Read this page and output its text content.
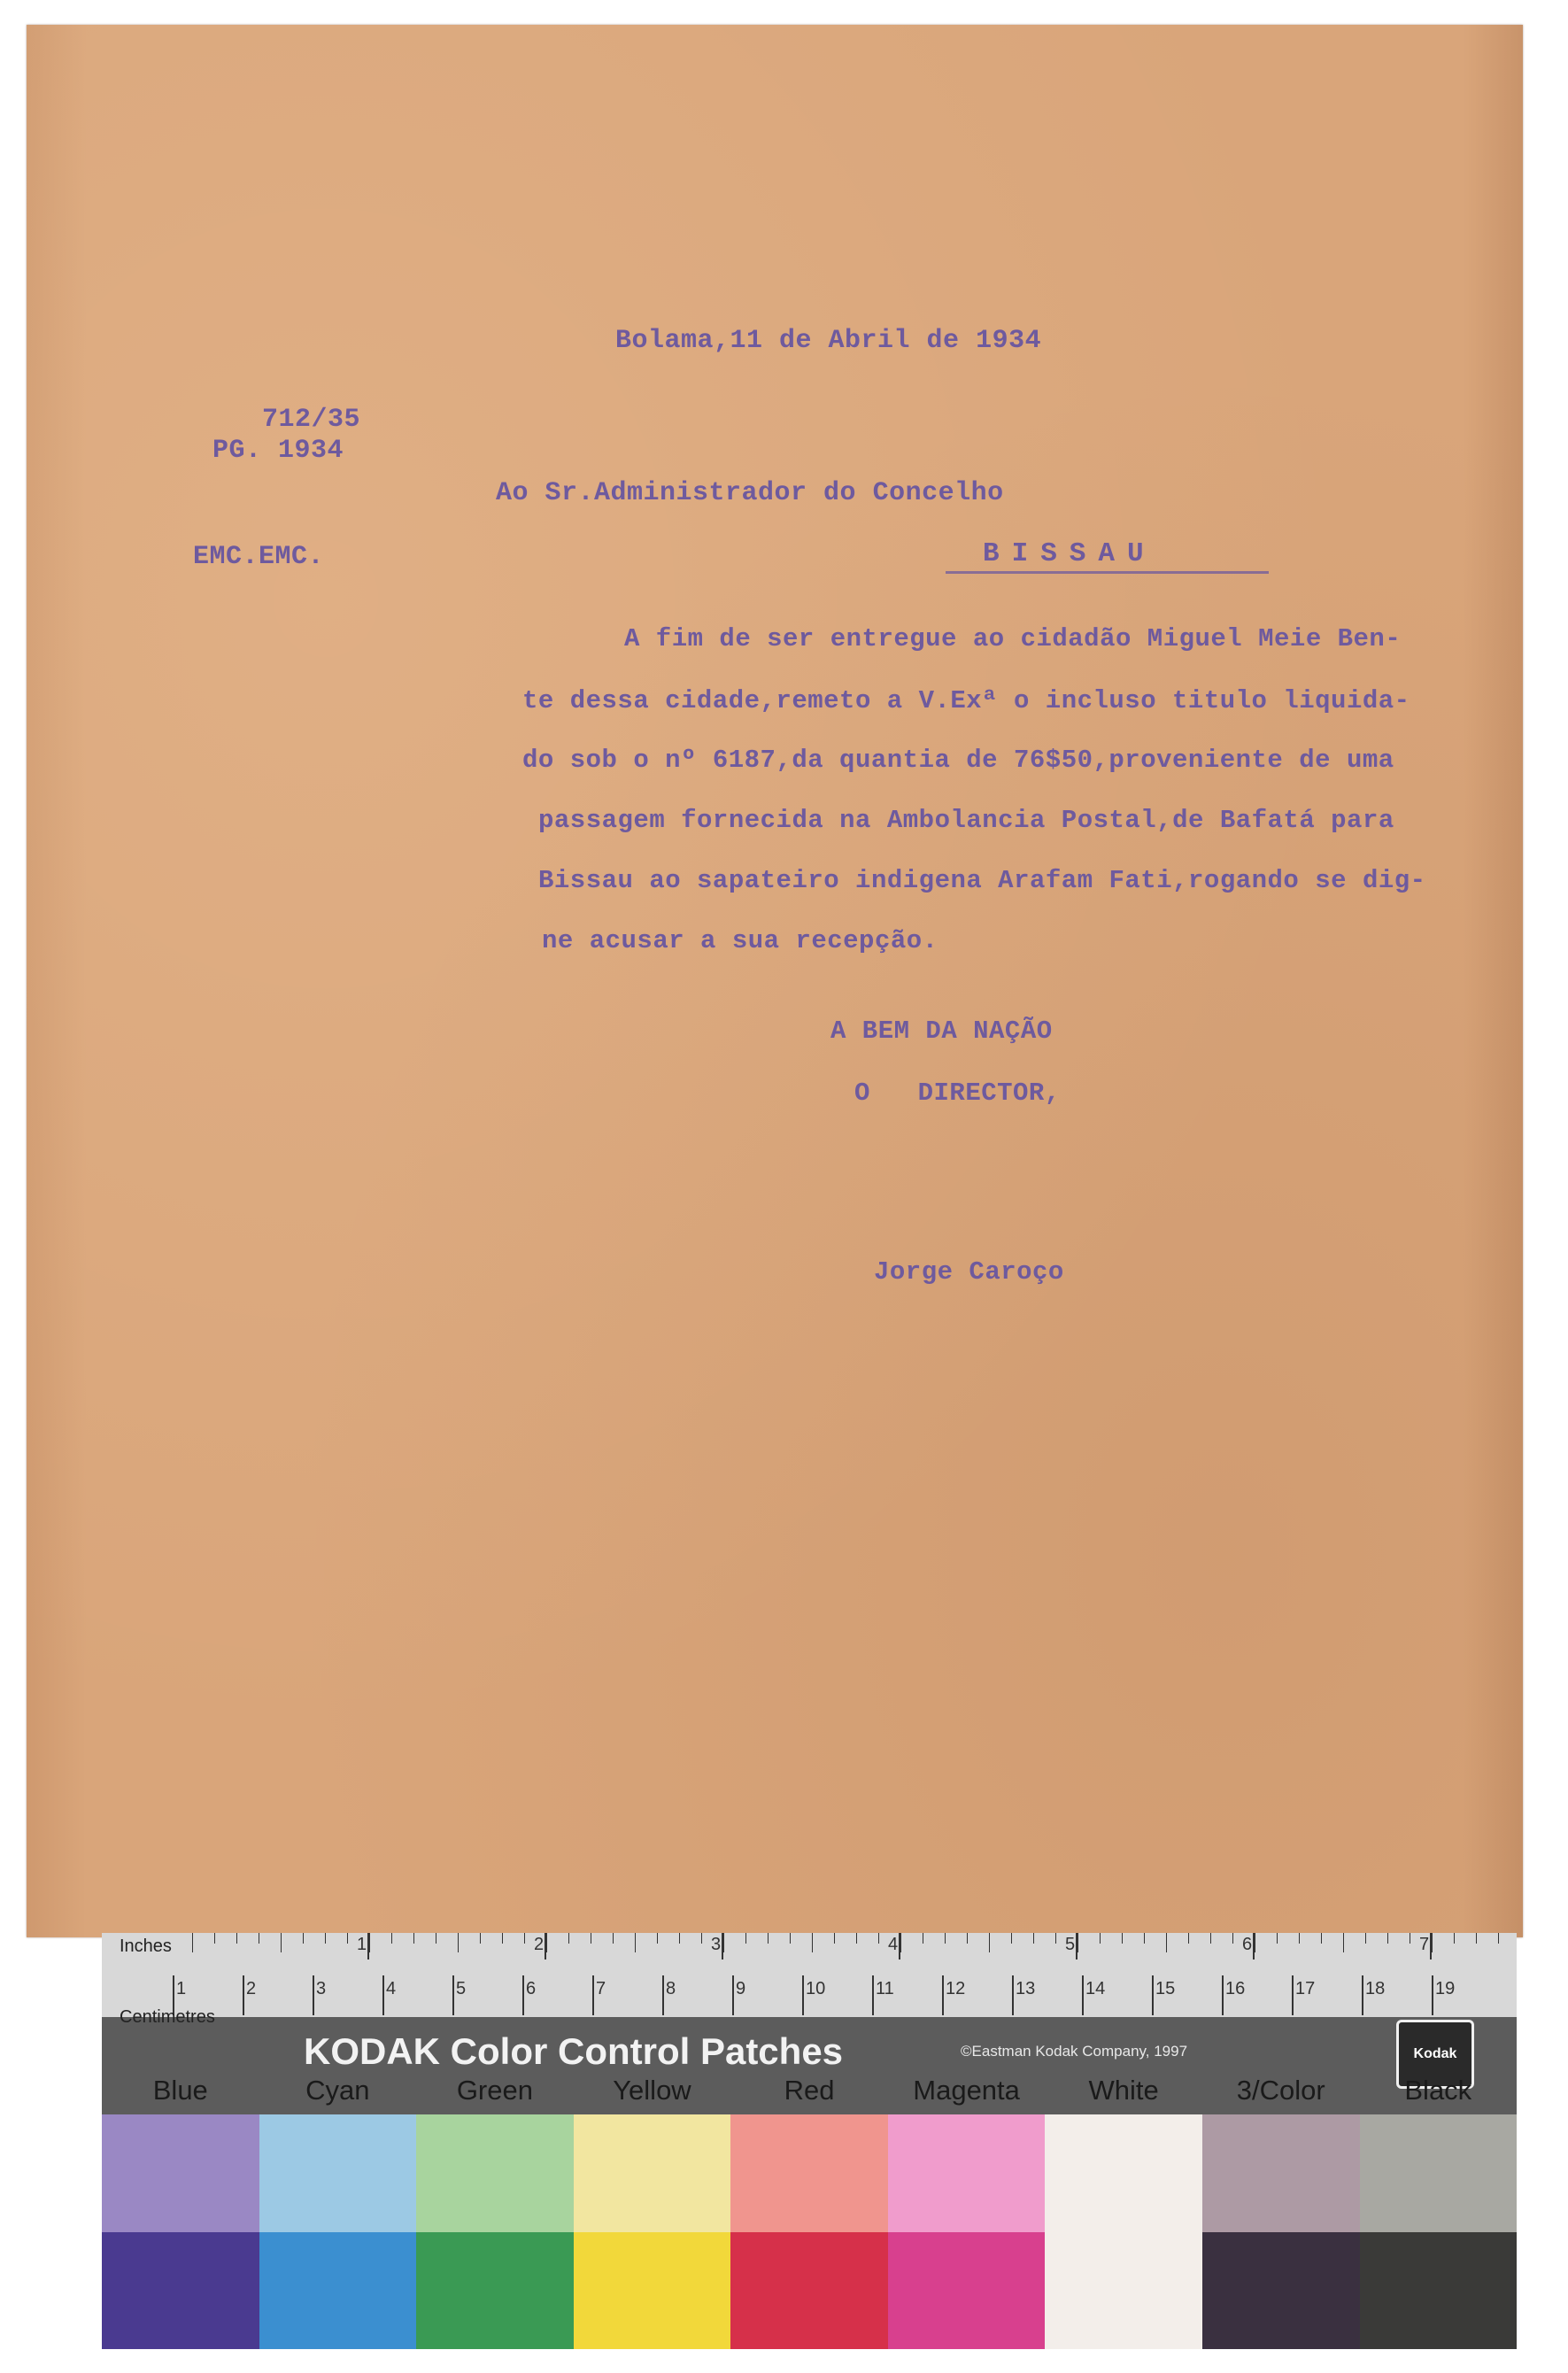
Bolama,11 de Abril de 1934
712/35
PG. 1934
EMC.EMC.
Ao Sr.Administrador do Concelho
BISSAU
A fim de ser entregue ao cidadão Miguel Meie Ben-
te dessa cidade,remeto a V.Exª o incluso titulo liquida-
do sob o nº 6187,da quantia de 76$50,proveniente de uma
passagem fornecida na Ambolancia Postal,de Bafatá para
Bissau ao sapateiro indigena Arafam Fati,rogando se dig-
ne acusar a sua recepção.
A BEM DA NAÇÃO
O   DIRECTOR,
Jorge Caroço
Inches	1	2	3	4	5	6	7
1	2	3	4	5	6	7	8	9	10	11	12	13	14	15	16	17	18	19
Centimetres
KODAK Color Control Patches	©Eastman Kodak Company, 1997	Kodak
Blue	Cyan	Green	Yellow	Red	Magenta	White	3/Color	Black
